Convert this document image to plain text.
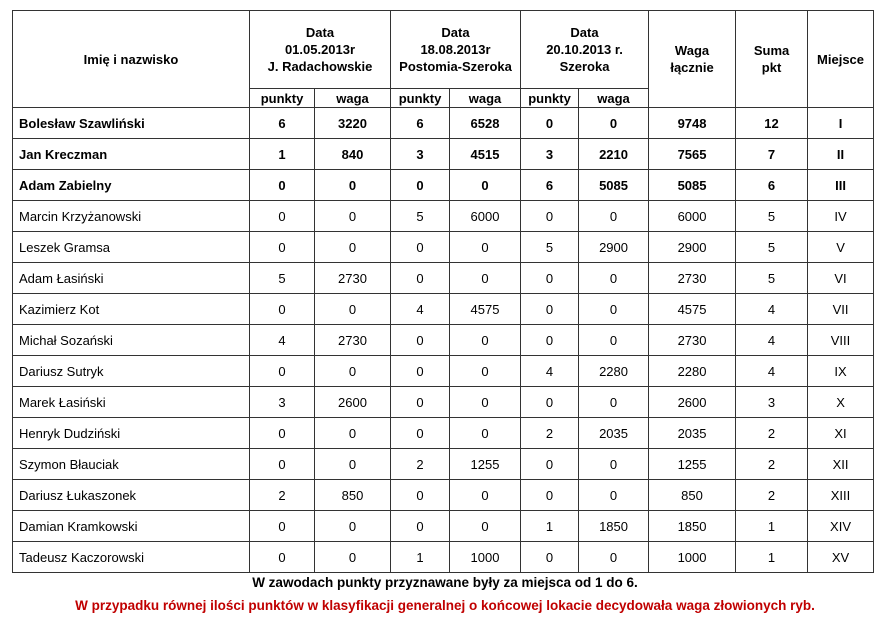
Imię i nazwisko	Data
01.05.2013r
J. Radachowskie		Data
18.08.2013r
Postomia-Szeroka		Data
20.10.2013 r.
Szeroka		Waga łącznie	Suma pkt	Miejsce
	punkty	waga	punkty	waga	punkty	waga			
Bolesław Szawliński	6	3220	6	6528	0	0	9748	12	I
Jan Kreczman	1	840	3	4515	3	2210	7565	7	II
Adam Zabielny	0	0	0	0	6	5085	5085	6	III
Marcin Krzyżanowski	0	0	5	6000	0	0	6000	5	IV
Leszek Gramsa	0	0	0	0	5	2900	2900	5	V
Adam Łasiński	5	2730	0	0	0	0	2730	5	VI
Kazimierz Kot	0	0	4	4575	0	0	4575	4	VII
Michał Sozański	4	2730	0	0	0	0	2730	4	VIII
Dariusz Sutryk	0	0	0	0	4	2280	2280	4	IX
Marek Łasiński	3	2600	0	0	0	0	2600	3	X
Henryk Dudziński	0	0	0	0	2	2035	2035	2	XI
Szymon Błauciak	0	0	2	1255	0	0	1255	2	XII
Dariusz Łukaszonek	2	850	0	0	0	0	850	2	XIII
Damian Kramkowski	0	0	0	0	1	1850	1850	1	XIV
Tadeusz Kaczorowski	0	0	1	1000	0	0	1000	1	XV
W zawodach punkty przyznawane były za miejsca od 1 do 6.
W przypadku równej ilości punktów w klasyfikacji generalnej o końcowej lokacie decydowała waga złowionych ryb.
